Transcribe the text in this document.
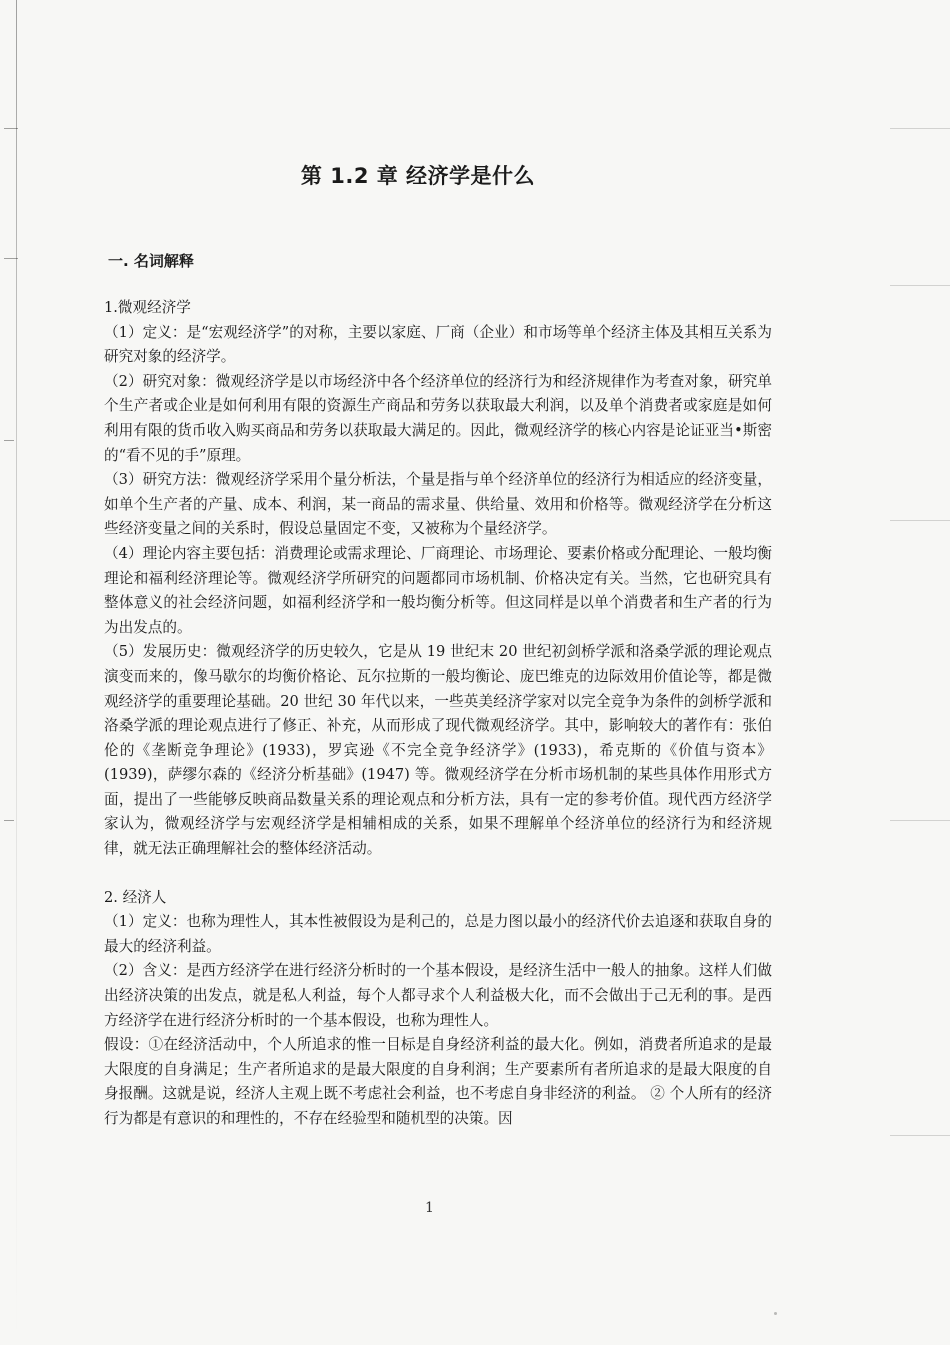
第 1.2 章 经济学是什么
一. 名词解释

1.微观经济学

（1）定义：是“宏观经济学”的对称，主要以家庭、厂商（企业）和市场等单个经济主体及其相互关系为研究对象的经济学。

（2）研究对象：微观经济学是以市场经济中各个经济单位的经济行为和经济规律作为考查对象，研究单个生产者或企业是如何利用有限的资源生产商品和劳务以获取最大利润，以及单个消费者或家庭是如何利用有限的货币收入购买商品和劳务以获取最大满足的。因此，微观经济学的核心内容是论证亚当•斯密的“看不见的手”原理。

（3）研究方法：微观经济学采用个量分析法，个量是指与单个经济单位的经济行为相适应的经济变量，如单个生产者的产量、成本、利润，某一商品的需求量、供给量、效用和价格等。微观经济学在分析这些经济变量之间的关系时，假设总量固定不变，又被称为个量经济学。

（4）理论内容主要包括：消费理论或需求理论、厂商理论、市场理论、要素价格或分配理论、一般均衡理论和福利经济理论等。微观经济学所研究的问题都同市场机制、价格决定有关。当然，它也研究具有整体意义的社会经济问题，如福利经济学和一般均衡分析等。但这同样是以单个消费者和生产者的行为为出发点的。

（5）发展历史：微观经济学的历史较久，它是从 19 世纪末 20 世纪初剑桥学派和洛桑学派的理论观点演变而来的，像马歇尔的均衡价格论、瓦尔拉斯的一般均衡论、庞巴维克的边际效用价值论等，都是微观经济学的重要理论基础。20 世纪 30 年代以来，一些英美经济学家对以完全竞争为条件的剑桥学派和洛桑学派的理论观点进行了修正、补充，从而形成了现代微观经济学。其中，影响较大的著作有：张伯伦的《垄断竞争理论》(1933)，罗宾逊《不完全竞争经济学》(1933)，希克斯的《价值与资本》(1939)，萨缪尔森的《经济分析基础》(1947) 等。微观经济学在分析市场机制的某些具体作用形式方面，提出了一些能够反映商品数量关系的理论观点和分析方法，具有一定的参考价值。现代西方经济学家认为，微观经济学与宏观经济学是相辅相成的关系，如果不理解单个经济单位的经济行为和经济规律，就无法正确理解社会的整体经济活动。

2. 经济人

（1）定义：也称为理性人，其本性被假设为是利己的，总是力图以最小的经济代价去追逐和获取自身的最大的经济利益。

（2）含义：是西方经济学在进行经济分析时的一个基本假设，是经济生活中一般人的抽象。这样人们做出经济决策的出发点，就是私人利益，每个人都寻求个人利益极大化，而不会做出于己无利的事。是西方经济学在进行经济分析时的一个基本假设，也称为理性人。

假设：①在经济活动中，个人所追求的惟一目标是自身经济利益的最大化。例如，消费者所追求的是最大限度的自身满足；生产者所追求的是最大限度的自身利润；生产要素所有者所追求的是最大限度的自身报酬。这就是说，经济人主观上既不考虑社会利益，也不考虑自身非经济的利益。 ② 个人所有的经济行为都是有意识的和理性的，不存在经验型和随机型的决策。因

1
